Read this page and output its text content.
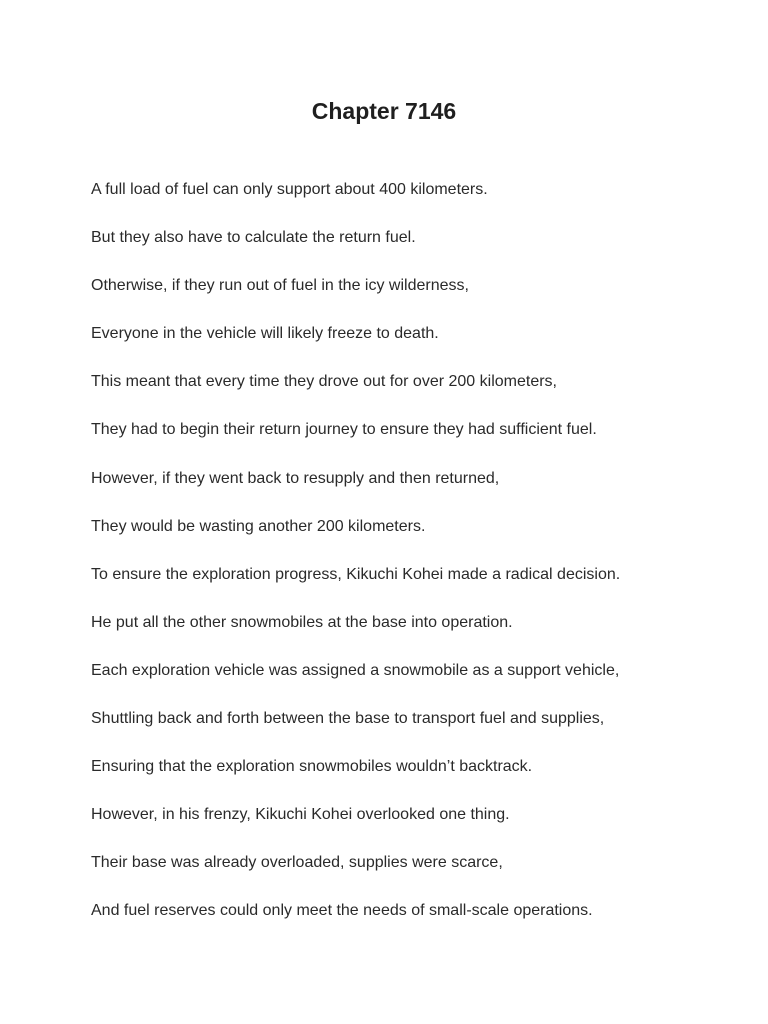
Chapter 7146

A full load of fuel can only support about 400 kilometers.

But they also have to calculate the return fuel.

Otherwise, if they run out of fuel in the icy wilderness,

Everyone in the vehicle will likely freeze to death.

This meant that every time they drove out for over 200 kilometers,

They had to begin their return journey to ensure they had sufficient fuel.

However, if they went back to resupply and then returned,

They would be wasting another 200 kilometers.

To ensure the exploration progress, Kikuchi Kohei made a radical decision.

He put all the other snowmobiles at the base into operation.

Each exploration vehicle was assigned a snowmobile as a support vehicle,

Shuttling back and forth between the base to transport fuel and supplies,

Ensuring that the exploration snowmobiles wouldn’t backtrack.

However, in his frenzy, Kikuchi Kohei overlooked one thing.

Their base was already overloaded, supplies were scarce,

And fuel reserves could only meet the needs of small-scale operations.
